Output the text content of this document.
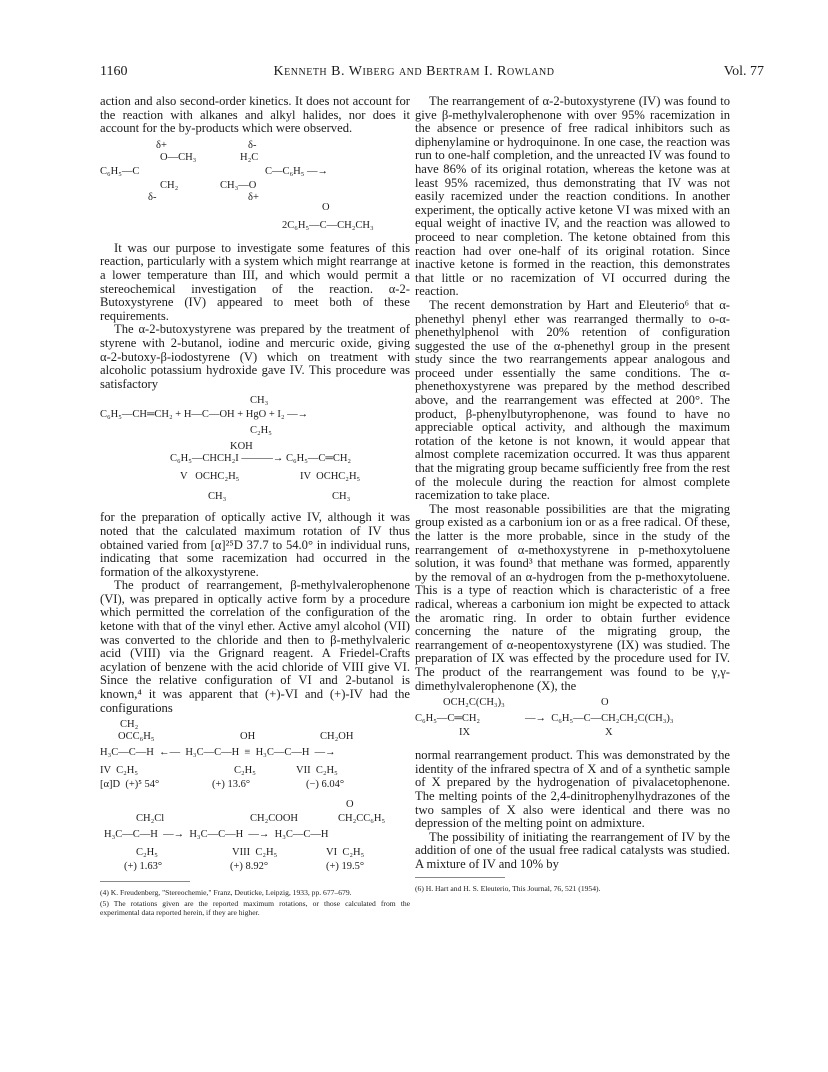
1160	Kenneth B. Wiberg and Bertram I. Rowland	Vol. 77

action and also second-order kinetics. It does not account for the reaction with alkanes and alkyl halides, nor does it account for the by-products which were observed.

δ+	δ-
O—CH₃	H₂C
C₆H₅—C	C—C₆H₅ —→
CH₂	CH₃—O
δ-	δ+
O
2C₆H₅—C—CH₂CH₃

It was our purpose to investigate some features of this reaction, particularly with a system which might rearrange at a lower temperature than III, and which would permit a stereochemical investigation of the reaction. α-2-Butoxystyrene (IV) appeared to meet both of these requirements.

The α-2-butoxystyrene was prepared by the treatment of styrene with 2-butanol, iodine and mercuric oxide, giving α-2-butoxy-β-iodostyrene (V) which on treatment with alcoholic potassium hydroxide gave IV. This procedure was satisfactory

CH₃
C₆H₅—CH═CH₂ + H—C—OH + HgO + I₂ —→
C₂H₅
KOH
C₆H₅—CHCH₂I ———→ C₆H₅—C═CH₂
V   OCHC₂H₅	IV  OCHC₂H₅
CH₃	CH₃

for the preparation of optically active IV, although it was noted that the calculated maximum rotation of IV thus obtained varied from [α]²⁵D 37.7 to 54.0° in individual runs, indicating that some racemization had occurred in the formation of the alkoxystyrene.

The product of rearrangement, β-methylvalerophenone (VI), was prepared in optically active form by a procedure which permitted the correlation of the configuration of the ketone with that of the vinyl ether. Active amyl alcohol (VII) was converted to the chloride and then to β-methylvaleric acid (VIII) via the Grignard reagent. A Friedel-Crafts acylation of benzene with the acid chloride of VIII give VI. Since the relative configuration of VI and 2-butanol is known,⁴ it was apparent that (+)-VI and (+)-IV had the configurations

CH₂
OCC₆H₅	OH	CH₂OH
H₃C—C—H  ←—  H₃C—C—H  ≡  H₃C—C—H  —→
IV  C₂H₅	C₂H₅	VII  C₂H₅
[α]D  (+)⁵ 54°	(+) 13.6°	(−) 6.04°
O
CH₂Cl	CH₂COOH	CH₂CC₆H₅
H₃C—C—H  —→  H₃C—C—H  —→  H₃C—C—H
C₂H₅	VIII  C₂H₅	VI  C₂H₅
(+) 1.63°	(+) 8.92°	(+) 19.5°

(4) K. Freudenberg, "Stereochemie," Franz, Deuticke, Leipzig, 1933, pp. 677–679.

(5) The rotations given are the reported maximum rotations, or those calculated from the experimental data reported herein, if they are higher.

The rearrangement of α-2-butoxystyrene (IV) was found to give β-methylvalerophenone with over 95% racemization in the absence or presence of free radical inhibitors such as diphenylamine or hydroquinone. In one case, the reaction was run to one-half completion, and the unreacted IV was found to have 86% of its original rotation, whereas the ketone was at least 95% racemized, thus demonstrating that IV was not easily racemized under the reaction conditions. In another experiment, the optically active ketone VI was mixed with an equal weight of inactive IV, and the reaction was allowed to proceed to near completion. The ketone obtained from this reaction had over one-half of its original rotation. Since inactive ketone is formed in the reaction, this demonstrates that little or no racemization of VI occurred during the reaction.

The recent demonstration by Hart and Eleuterio⁶ that α-phenethyl phenyl ether was rearranged thermally to o-α-phenethylphenol with 20% retention of configuration suggested the use of the α-phenethyl group in the present study since the two rearrangements appear analogous and proceed under essentially the same conditions. The α-phenethoxystyrene was prepared by the method described above, and the rearrangement was effected at 200°. The product, β-phenylbutyrophenone, was found to have no appreciable optical activity, and although the maximum rotation of the ketone is not known, it would appear that almost complete racemization occurred. It was thus apparent that the migrating group became sufficiently free from the rest of the molecule during the reaction for almost complete racemization to take place.

The most reasonable possibilities are that the migrating group existed as a carbonium ion or as a free radical. Of these, the latter is the more probable, since in the study of the rearrangement of α-methoxystyrene in p-methoxytoluene solution, it was found³ that methane was formed, apparently by the removal of an α-hydrogen from the p-methoxytoluene. This is a type of reaction which is characteristic of a free radical, whereas a carbonium ion might be expected to attack the aromatic ring. In order to obtain further evidence concerning the nature of the migrating group, the rearrangement of α-neopentoxystyrene (IX) was studied. The preparation of IX was effected by the procedure used for IV. The product of the rearrangement was found to be γ,γ-dimethylvalerophenone (X), the

OCH₂C(CH₃)₃	O
C₆H₅—C═CH₂	—→  C₆H₅—C—CH₂CH₂C(CH₃)₃
IX	X

normal rearrangement product. This was demonstrated by the identity of the infrared spectra of X and of a synthetic sample of X prepared by the hydrogenation of pivalacetophenone. The melting points of the 2,4-dinitrophenylhydrazones of the two samples of X also were identical and there was no depression of the melting point on admixture.

The possibility of initiating the rearrangement of IV by the addition of one of the usual free radical catalysts was studied. A mixture of IV and 10% by

(6) H. Hart and H. S. Eleuterio, This Journal, 76, 521 (1954).
